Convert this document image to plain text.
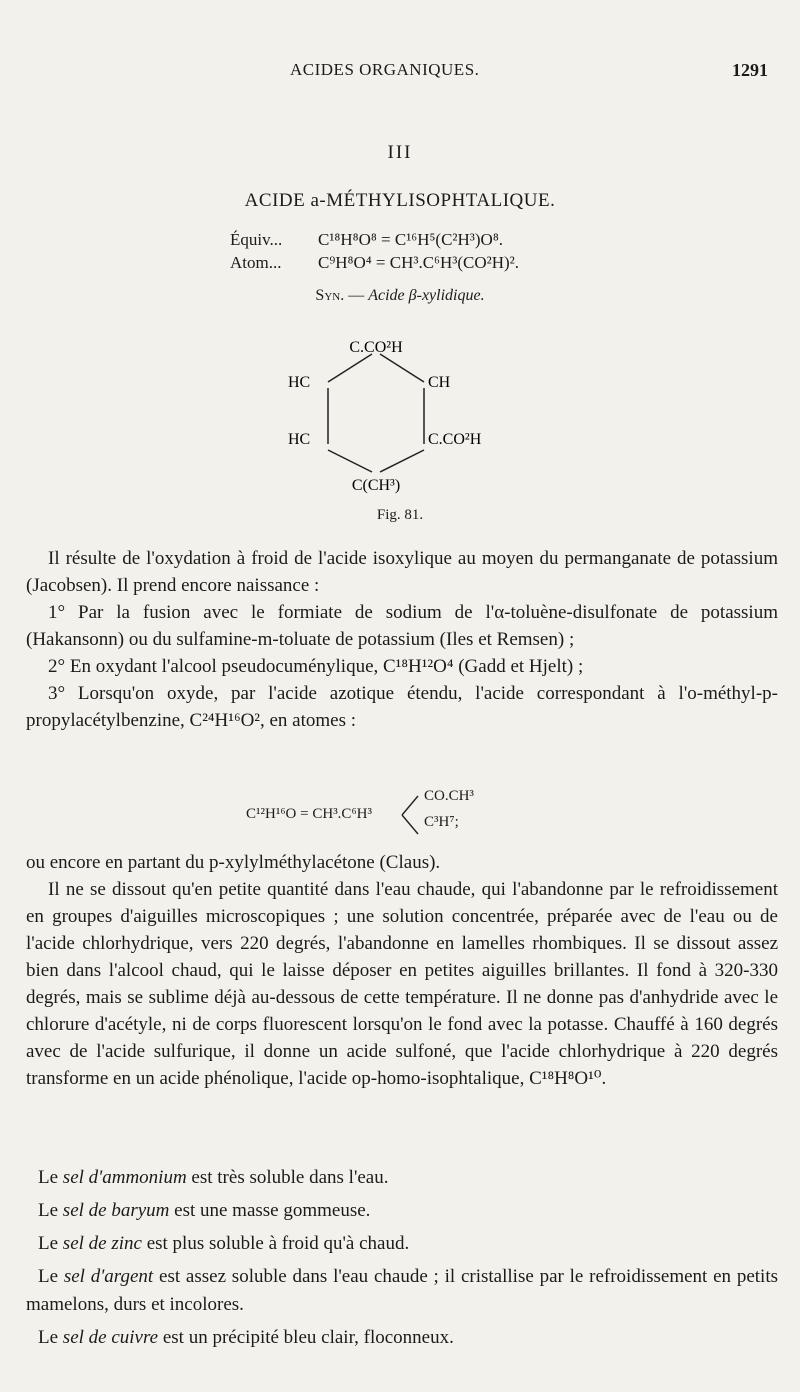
ACIDES ORGANIQUES.	1291
III
ACIDE a-MÉTHYLISOPHTALIQUE.
Équiv... C¹⁸H⁸O⁸ = C¹⁶H⁵(C²H³)O⁸.
Atom... C⁹H⁸O⁴ = CH³.C⁶H³(CO²H)².
Syn. — Acide β-xylidique.
C.CO²H
HC
HC
CH
C.CO²H
C(CH³)
Fig. 81.

Il résulte de l'oxydation à froid de l'acide isoxylique au moyen du permanganate de potassium (Jacobsen). Il prend encore naissance :

1° Par la fusion avec le formiate de sodium de l'α-toluène-disulfonate de potassium (Hakansonn) ou du sulfamine-m-toluate de potassium (Iles et Remsen) ;

2° En oxydant l'alcool pseudocuménylique, C¹⁸H¹²O⁴ (Gadd et Hjelt) ;

3° Lorsqu'on oxyde, par l'acide azotique étendu, l'acide correspondant à l'o-méthyl-p-propylacétylbenzine, C²⁴H¹⁶O², en atomes :

C¹²H¹⁶O = CH³.C⁶H³
CO.CH³
C³H⁷;

ou encore en partant du p-xylylméthylacétone (Claus).

Il ne se dissout qu'en petite quantité dans l'eau chaude, qui l'abandonne par le refroidissement en groupes d'aiguilles microscopiques ; une solution concentrée, préparée avec de l'eau ou de l'acide chlorhydrique, vers 220 degrés, l'abandonne en lamelles rhombiques. Il se dissout assez bien dans l'alcool chaud, qui le laisse déposer en petites aiguilles brillantes. Il fond à 320-330 degrés, mais se sublime déjà au-dessous de cette température. Il ne donne pas d'anhydride avec le chlorure d'acétyle, ni de corps fluorescent lorsqu'on le fond avec la potasse. Chauffé à 160 degrés avec de l'acide sulfurique, il donne un acide sulfoné, que l'acide chlorhydrique à 220 degrés transforme en un acide phénolique, l'acide op-homo-isophtalique, C¹⁸H⁸O¹⁰.

Le sel d'ammonium est très soluble dans l'eau.

Le sel de baryum est une masse gommeuse.

Le sel de zinc est plus soluble à froid qu'à chaud.

Le sel d'argent est assez soluble dans l'eau chaude ; il cristallise par le refroidissement en petits mamelons, durs et incolores.

Le sel de cuivre est un précipité bleu clair, floconneux.
